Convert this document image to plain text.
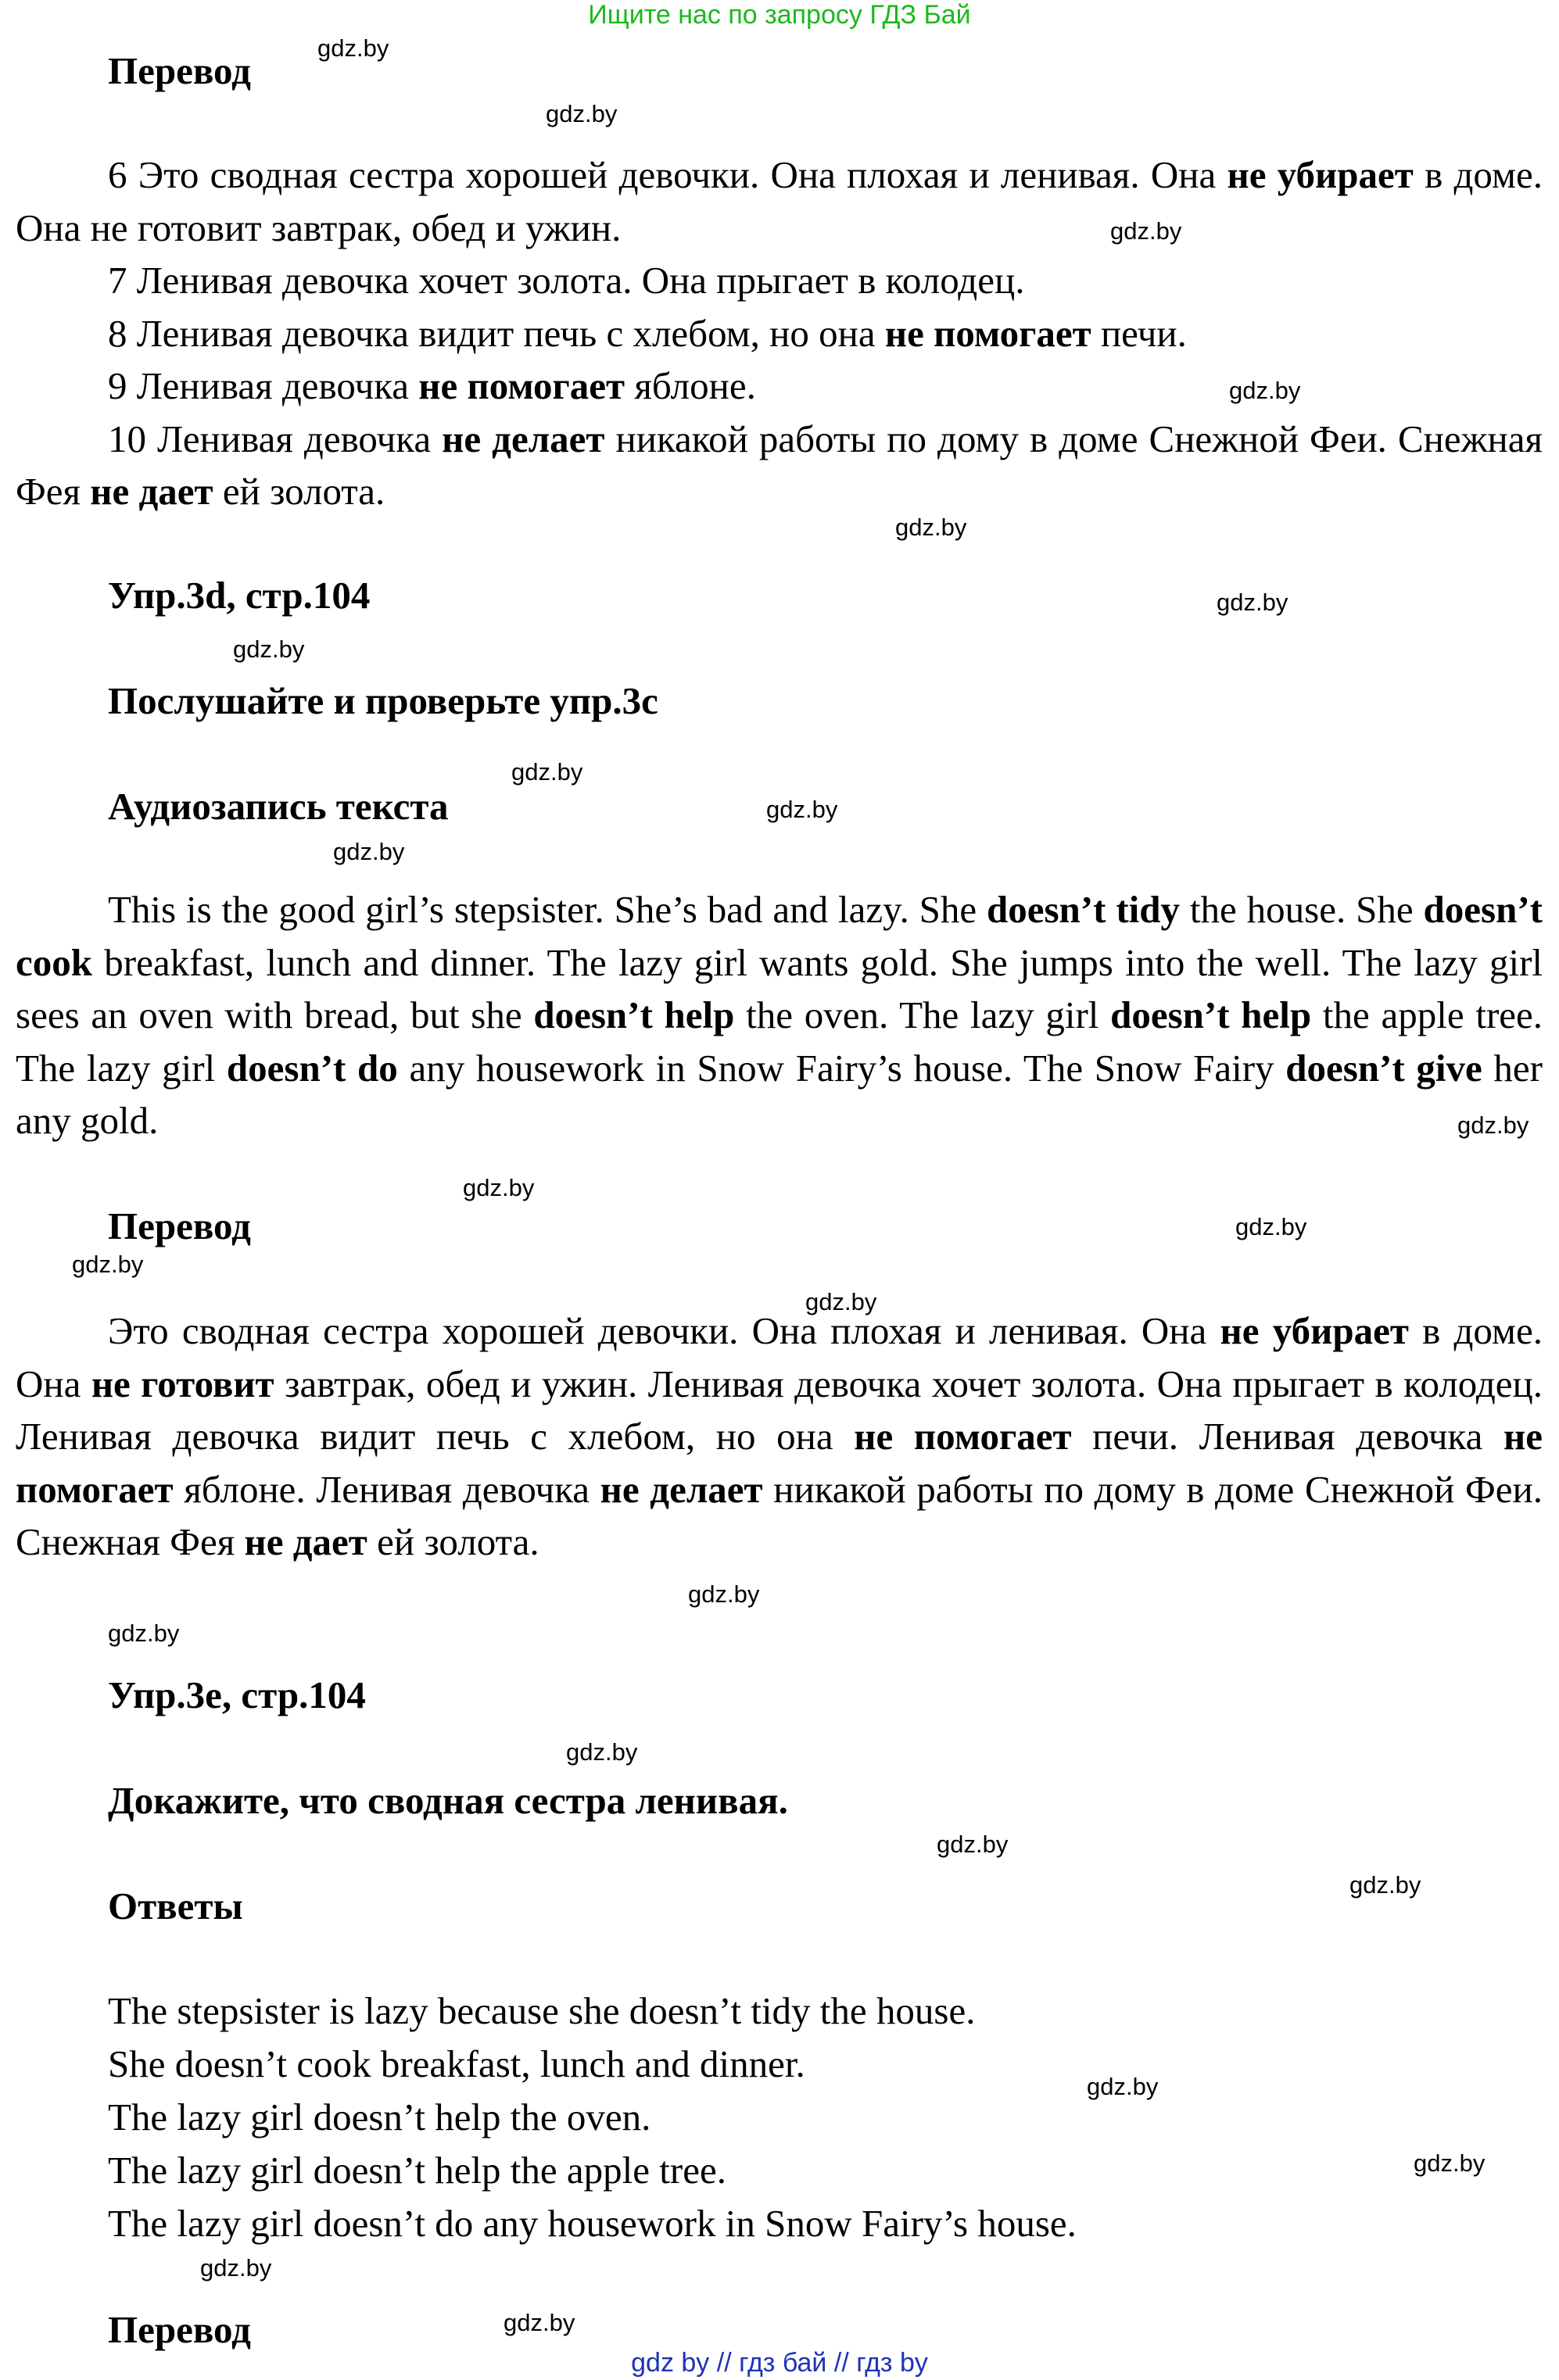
Ищите нас по запросу ГДЗ Бай
Перевод

6 Это сводная сестра хорошей девочки. Она плохая и ленивая. Она не убирает в доме. Она не готовит завтрак, обед и ужин.

7 Ленивая девочка хочет золота. Она прыгает в колодец.

8 Ленивая девочка видит печь с хлебом, но она не помогает печи.

9 Ленивая девочка не помогает яблоне.

10 Ленивая девочка не делает никакой работы по дому в доме Снежной Феи. Снежная Фея не дает ей золота.

Упр.3d, стр.104
Послушайте и проверьте упр.3с
Аудиозапись текста

This is the good girl’s stepsister. She’s bad and lazy. She doesn’t tidy the house. She doesn’t cook breakfast, lunch and dinner. The lazy girl wants gold. She jumps into the well. The lazy girl sees an oven with bread, but she doesn’t help the oven. The lazy girl doesn’t help the apple tree. The lazy girl doesn’t do any housework in Snow Fairy’s house. The Snow Fairy doesn’t give her any gold.

Перевод

Это сводная сестра хорошей девочки. Она плохая и ленивая. Она не убирает в доме. Она не готовит завтрак, обед и ужин. Ленивая девочка хочет золота. Она прыгает в колодец. Ленивая девочка видит печь с хлебом, но она не помогает печи. Ленивая девочка не помогает яблоне. Ленивая девочка не делает никакой работы по дому в доме Снежной Феи. Снежная Фея не дает ей золота.

Упр.3е, стр.104
Докажите, что сводная сестра ленивая.
Ответы
The stepsister is lazy because she doesn’t tidy the house.
She doesn’t cook breakfast, lunch and dinner.
The lazy girl doesn’t help the oven.
The lazy girl doesn’t help the apple tree.
The lazy girl doesn’t do any housework in Snow Fairy’s house.
Перевод
gdz by // гдз бай // гдз by
gdz.by
gdz.by
gdz.by
gdz.by
gdz.by
gdz.by
gdz.by
gdz.by
gdz.by
gdz.by
gdz.by
gdz.by
gdz.by
gdz.by
gdz.by
gdz.by
gdz.by
gdz.by
gdz.by
gdz.by
gdz.by
gdz.by
gdz.by
gdz.by
